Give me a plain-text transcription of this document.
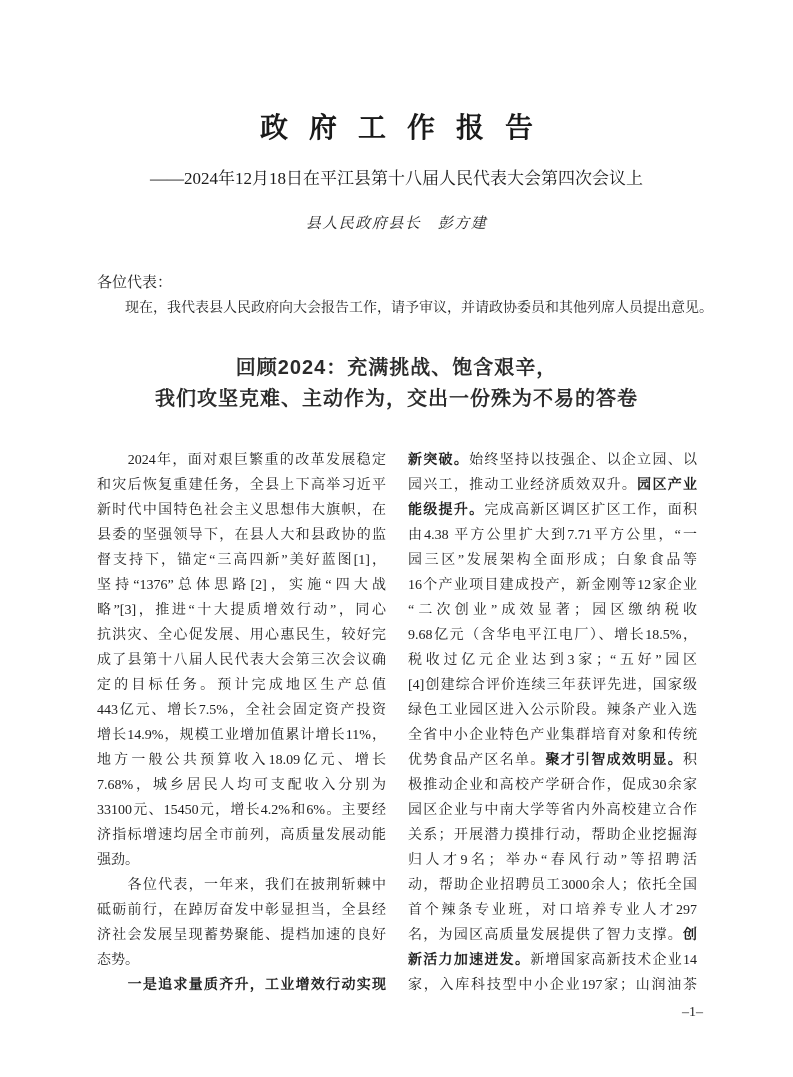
政 府 工 作 报 告
——2024年12月18日在平江县第十八届人民代表大会第四次会议上
县人民政府县长　彭方建
各位代表：
　　现在，我代表县人民政府向大会报告工作，请予审议，并请政协委员和其他列席人员提出意见。
回顾2024：充满挑战、饱含艰辛，
我们攻坚克难、主动作为，交出一份殊为不易的答卷
　　2024年，面对艰巨繁重的改革发展稳定
和灾后恢复重建任务，全县上下高举习近平
新时代中国特色社会主义思想伟大旗帜，在
县委的坚强领导下，在县人大和县政协的监
督支持下，锚定“三高四新”美好蓝图[1]，
坚持“1376”总体思路[2]，实施“四大战
略”[3]，推进“十大提质增效行动”，同心
抗洪灾、全心促发展、用心惠民生，较好完
成了县第十八届人民代表大会第三次会议确
定的目标任务。预计完成地区生产总值
443亿元、增长7.5%，全社会固定资产投资
增长14.9%，规模工业增加值累计增长11%，
地方一般公共预算收入18.09亿元、增长
7.68%，城乡居民人均可支配收入分别为
33100元、15450元，增长4.2%和6%。主要经
济指标增速均居全市前列，高质量发展动能
强劲。
　　各位代表，一年来，我们在披荆斩棘中
砥砺前行，在踔厉奋发中彰显担当，全县经
济社会发展呈现蓄势聚能、提档加速的良好
态势。
　　一是追求量质齐升，工业增效行动实现
新突破。始终坚持以技强企、以企立园、以
园兴工，推动工业经济质效双升。园区产业
能级提升。完成高新区调区扩区工作，面积
由4.38 平方公里扩大到7.71平方公里，“一
园三区”发展架构全面形成；白象食品等
16个产业项目建成投产，新金刚等12家企业
“二次创业”成效显著；园区缴纳税收
9.68亿元（含华电平江电厂）、增长18.5%，
税收过亿元企业达到3家；“五好”园区
[4]创建综合评价连续三年获评先进，国家级
绿色工业园区进入公示阶段。辣条产业入选
全省中小企业特色产业集群培育对象和传统
优势食品产区名单。聚才引智成效明显。积
极推动企业和高校产学研合作，促成30余家
园区企业与中南大学等省内外高校建立合作
关系；开展潜力摸排行动，帮助企业挖掘海
归人才9名；举办“春风行动”等招聘活
动，帮助企业招聘员工3000余人；依托全国
首个辣条专业班，对口培养专业人才297
名，为园区高质量发展提供了智力支撑。创
新活力加速迸发。新增国家高新技术企业14
家，入库科技型中小企业197家；山润油茶
–1–
